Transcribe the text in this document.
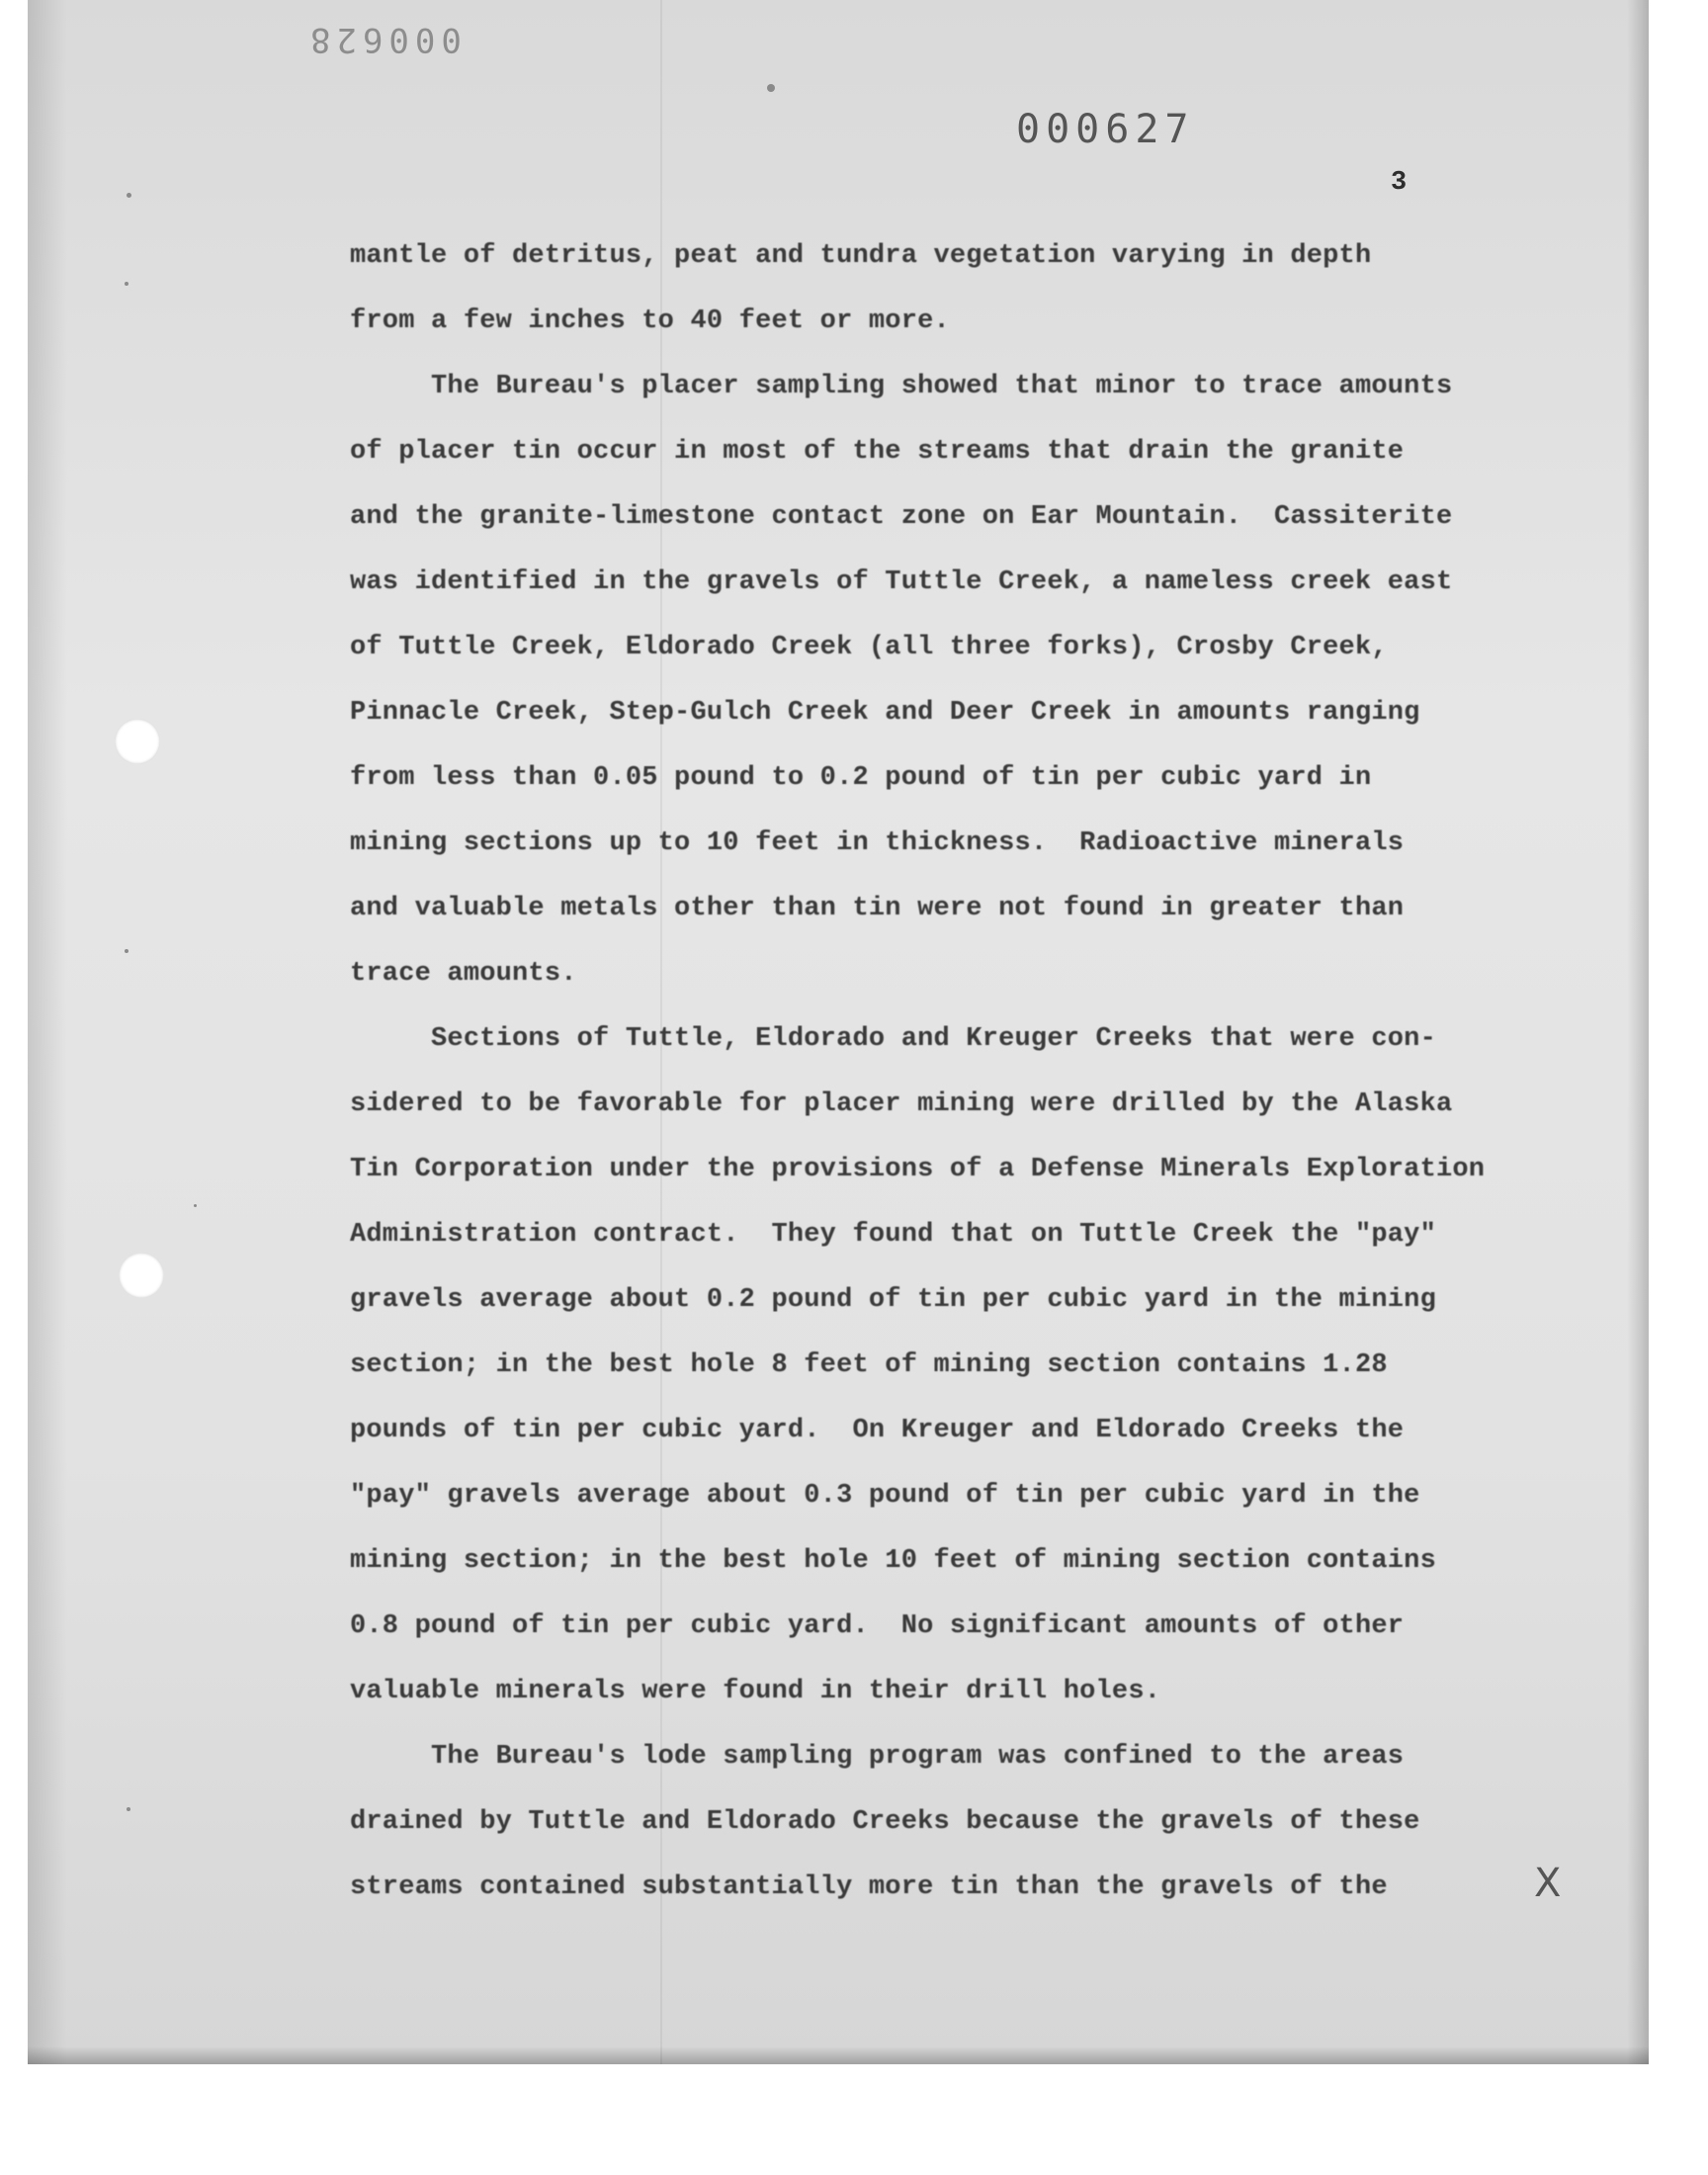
000628
000627
3
mantle of detritus, peat and tundra vegetation varying in depth
from a few inches to 40 feet or more.
The Bureau's placer sampling showed that minor to trace amounts
of placer tin occur in most of the streams that drain the granite
and the granite-limestone contact zone on Ear Mountain.  Cassiterite
was identified in the gravels of Tuttle Creek, a nameless creek east
of Tuttle Creek, Eldorado Creek (all three forks), Crosby Creek,
Pinnacle Creek, Step-Gulch Creek and Deer Creek in amounts ranging
from less than 0.05 pound to 0.2 pound of tin per cubic yard in
mining sections up to 10 feet in thickness.  Radioactive minerals
and valuable metals other than tin were not found in greater than
trace amounts.
Sections of Tuttle, Eldorado and Kreuger Creeks that were con-
sidered to be favorable for placer mining were drilled by the Alaska
Tin Corporation under the provisions of a Defense Minerals Exploration
Administration contract.  They found that on Tuttle Creek the "pay"
gravels average about 0.2 pound of tin per cubic yard in the mining
section; in the best hole 8 feet of mining section contains 1.28
pounds of tin per cubic yard.  On Kreuger and Eldorado Creeks the
"pay" gravels average about 0.3 pound of tin per cubic yard in the
mining section; in the best hole 10 feet of mining section contains
0.8 pound of tin per cubic yard.  No significant amounts of other
valuable minerals were found in their drill holes.
The Bureau's lode sampling program was confined to the areas
drained by Tuttle and Eldorado Creeks because the gravels of these
streams contained substantially more tin than the gravels of the	X
